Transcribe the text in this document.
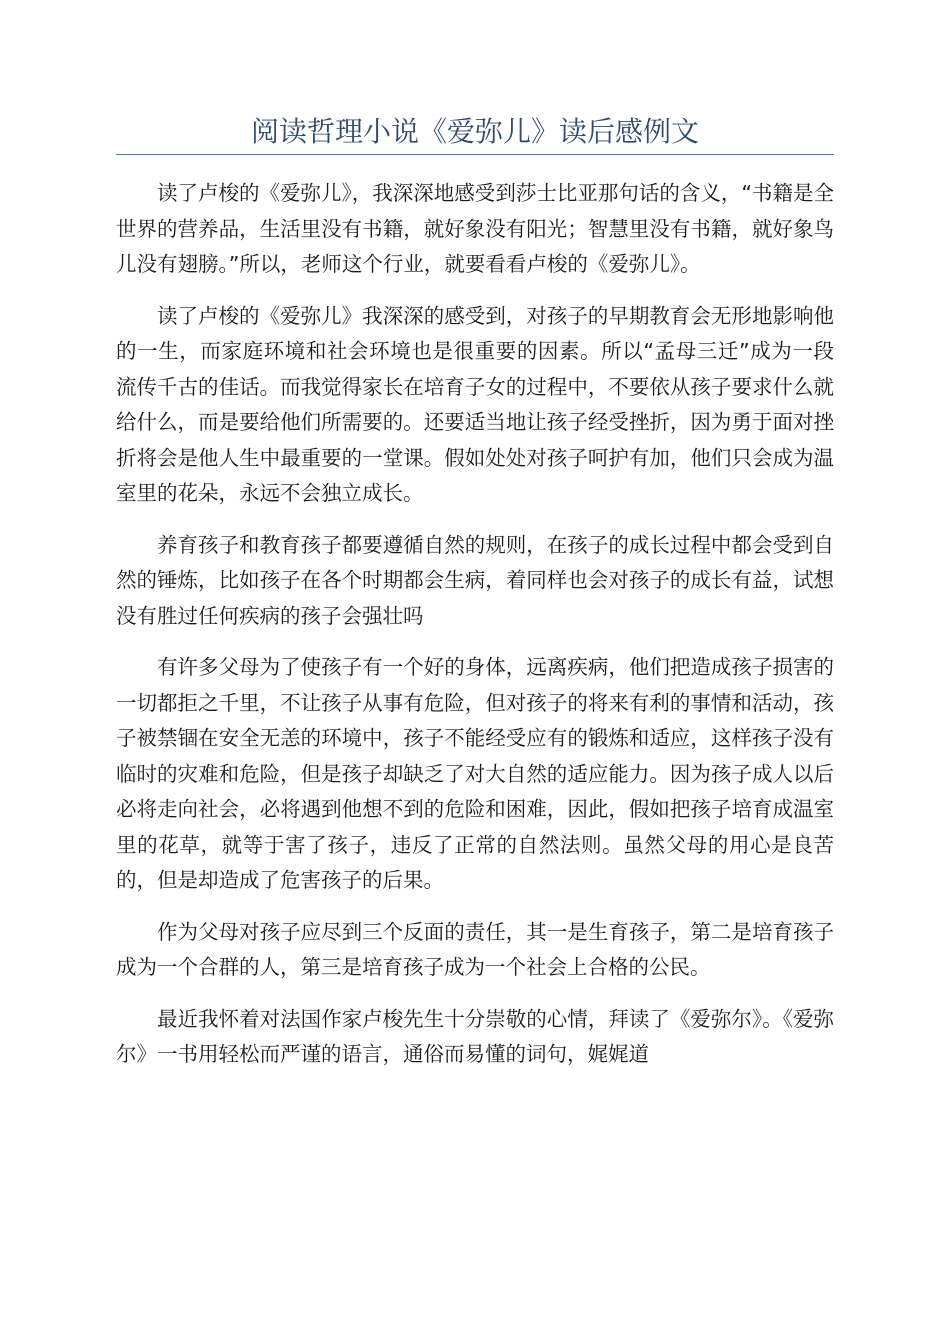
阅读哲理小说《爱弥儿》读后感例文

读了卢梭的《爱弥儿》，我深深地感受到莎士比亚那句话的含义，“书籍是全世界的营养品，生活里没有书籍，就好象没有阳光；智慧里没有书籍，就好象鸟儿没有翅膀。”所以，老师这个行业，就要看看卢梭的《爱弥儿》。

读了卢梭的《爱弥儿》我深深的感受到，对孩子的早期教育会无形地影响他的一生，而家庭环境和社会环境也是很重要的因素。所以“孟母三迁”成为一段流传千古的佳话。而我觉得家长在培育子女的过程中，不要依从孩子要求什么就给什么，而是要给他们所需要的。还要适当地让孩子经受挫折，因为勇于面对挫折将会是他人生中最重要的一堂课。假如处处对孩子呵护有加，他们只会成为温室里的花朵，永远不会独立成长。

养育孩子和教育孩子都要遵循自然的规则，在孩子的成长过程中都会受到自然的锤炼，比如孩子在各个时期都会生病，着同样也会对孩子的成长有益，试想没有胜过任何疾病的孩子会强壮吗

有许多父母为了使孩子有一个好的身体，远离疾病，他们把造成孩子损害的一切都拒之千里，不让孩子从事有危险，但对孩子的将来有利的事情和活动，孩子被禁锢在安全无恙的环境中，孩子不能经受应有的锻炼和适应，这样孩子没有临时的灾难和危险，但是孩子却缺乏了对大自然的适应能力。因为孩子成人以后必将走向社会，必将遇到他想不到的危险和困难，因此，假如把孩子培育成温室里的花草，就等于害了孩子，违反了正常的自然法则。虽然父母的用心是良苦的，但是却造成了危害孩子的后果。

作为父母对孩子应尽到三个反面的责任，其一是生育孩子，第二是培育孩子成为一个合群的人，第三是培育孩子成为一个社会上合格的公民。

最近我怀着对法国作家卢梭先生十分崇敬的心情，拜读了《爱弥尔》。《爱弥尔》一书用轻松而严谨的语言，通俗而易懂的词句，娓娓道
